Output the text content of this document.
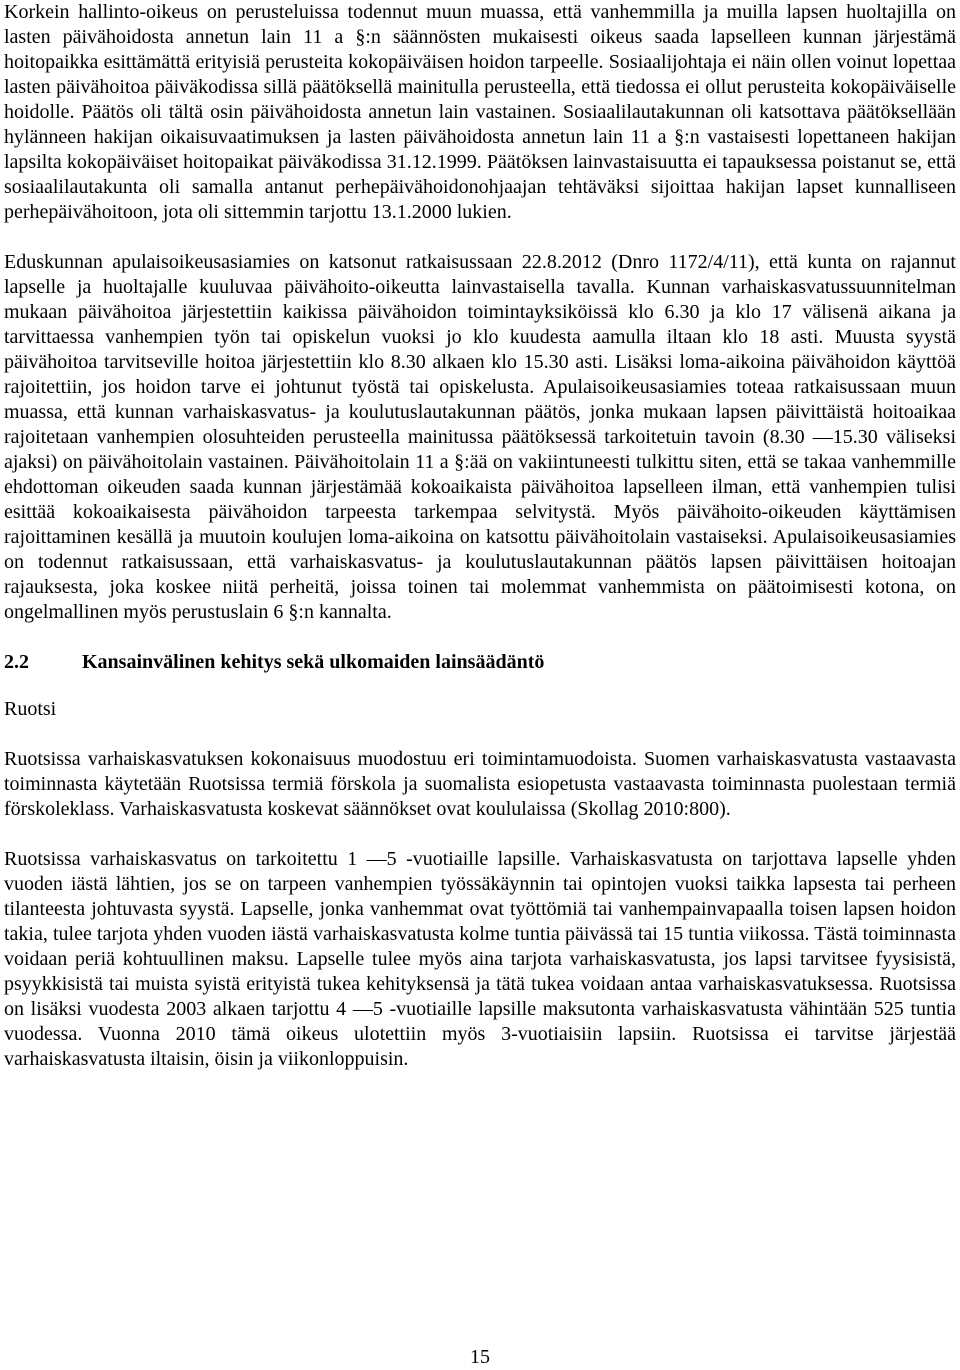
Korkein hallinto-oikeus on perusteluissa todennut muun muassa, että vanhemmilla ja muilla lapsen huoltajilla on lasten päivähoidosta annetun lain 11 a §:n säännösten mukaisesti oikeus saada lapselleen kunnan järjestämä hoitopaikka esittämättä erityisiä perusteita kokopäiväisen hoidon tarpeelle. Sosiaalijohtaja ei näin ollen voinut lopettaa lasten päivähoitoa päiväkodissa sillä päätöksellä mainitulla perusteella, että tiedossa ei ollut perusteita kokopäiväiselle hoidolle. Päätös oli tältä osin päivähoidosta annetun lain vastainen. Sosiaalilautakunnan oli katsottava päätöksellään hylänneen hakijan oikaisuvaatimuksen ja lasten päivähoidosta annetun lain 11 a §:n vastaisesti lopettaneen hakijan lapsilta kokopäiväiset hoitopaikat päiväkodissa 31.12.1999. Päätöksen lainvastaisuutta ei tapauksessa poistanut se, että sosiaalilautakunta oli samalla antanut perhepäivähoidonohjaajan tehtäväksi sijoittaa hakijan lapset kunnalliseen perhepäivähoitoon, jota oli sittemmin tarjottu 13.1.2000 lukien.

Eduskunnan apulaisoikeusasiamies on katsonut ratkaisussaan 22.8.2012 (Dnro 1172/4/11), että kunta on rajannut lapselle ja huoltajalle kuuluvaa päivähoito-oikeutta lainvastaisella tavalla. Kunnan varhaiskasvatussuunnitelman mukaan päivähoitoa järjestettiin kaikissa päivähoidon toimintayksiköissä klo 6.30 ja klo 17 välisenä aikana ja tarvittaessa vanhempien työn tai opiskelun vuoksi jo klo kuudesta aamulla iltaan klo 18 asti. Muusta syystä päivähoitoa tarvitseville hoitoa järjestettiin klo 8.30 alkaen klo 15.30 asti. Lisäksi loma-aikoina päivähoidon käyttöä rajoitettiin, jos hoidon tarve ei johtunut työstä tai opiskelusta. Apulaisoikeusasiamies toteaa ratkaisussaan muun muassa, että kunnan varhaiskasvatus- ja koulutuslautakunnan päätös, jonka mukaan lapsen päivittäistä hoitoaikaa rajoitetaan vanhempien olosuhteiden perusteella mainitussa päätöksessä tarkoitetuin tavoin (8.30 —15.30 väliseksi ajaksi) on päivähoitolain vastainen. Päivähoitolain 11 a §:ää on vakiintuneesti tulkittu siten, että se takaa vanhemmille ehdottoman oikeuden saada kunnan järjestämää kokoaikaista päivähoitoa lapselleen ilman, että vanhempien tulisi esittää kokoaikaisesta päivähoidon tarpeesta tarkempaa selvitystä. Myös päivähoito-oikeuden käyttämisen rajoittaminen kesällä ja muutoin koulujen loma-aikoina on katsottu päivähoitolain vastaiseksi. Apulaisoikeusasiamies on todennut ratkaisussaan, että varhaiskasvatus- ja koulutuslautakunnan päätös lapsen päivittäisen hoitoajan rajauksesta, joka koskee niitä perheitä, joissa toinen tai molemmat vanhemmista on päätoimisesti kotona, on ongelmallinen myös perustuslain 6 §:n kannalta.

2.2	Kansainvälinen kehitys sekä ulkomaiden lainsäädäntö

Ruotsi

Ruotsissa varhaiskasvatuksen kokonaisuus muodostuu eri toimintamuodoista. Suomen varhaiskasvatusta vastaavasta toiminnasta käytetään Ruotsissa termiä förskola ja suomalista esiopetusta vastaavasta toiminnasta puolestaan termiä förskoleklass. Varhaiskasvatusta koskevat säännökset ovat koululaissa (Skollag 2010:800).

Ruotsissa varhaiskasvatus on tarkoitettu 1 —5 -vuotiaille lapsille. Varhaiskasvatusta on tarjottava lapselle yhden vuoden iästä lähtien, jos se on tarpeen vanhempien työssäkäynnin tai opintojen vuoksi taikka lapsesta tai perheen tilanteesta johtuvasta syystä. Lapselle, jonka vanhemmat ovat työttömiä tai vanhempainvapaalla toisen lapsen hoidon takia, tulee tarjota yhden vuoden iästä varhaiskasvatusta kolme tuntia päivässä tai 15 tuntia viikossa. Tästä toiminnasta voidaan periä kohtuullinen maksu. Lapselle tulee myös aina tarjota varhaiskasvatusta, jos lapsi tarvitsee fyysisistä, psyykkisistä tai muista syistä erityistä tukea kehityksensä ja tätä tukea voidaan antaa varhaiskasvatuksessa. Ruotsissa on lisäksi vuodesta 2003 alkaen tarjottu 4 —5 -vuotiaille lapsille maksutonta varhaiskasvatusta vähintään 525 tuntia vuodessa. Vuonna 2010 tämä oikeus ulotettiin myös 3-vuotiaisiin lapsiin. Ruotsissa ei tarvitse järjestää varhaiskasvatusta iltaisin, öisin ja viikonloppuisin.

15
